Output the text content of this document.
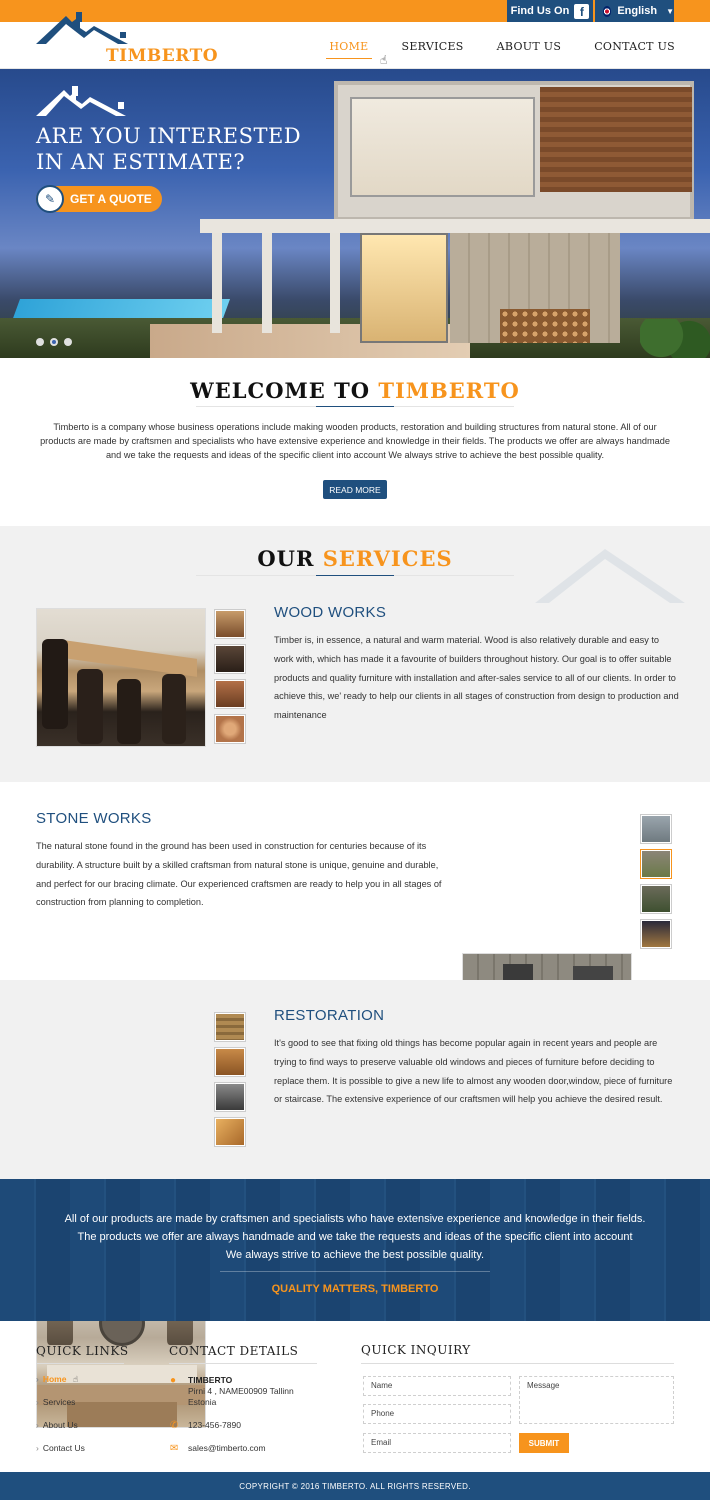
Find Us On f	English ▼
TIMBERTO	HOME	SERVICES	ABOUT US	CONTACT US
☝
ARE YOU INTERESTED
IN AN ESTIMATE?
✎	GET A QUOTE
WELCOME TO TIMBERTO

Timberto is a company whose business operations include making wooden products, restoration and building structures from natural stone. All of our products are made by craftsmen and specialists who have extensive experience and knowledge in their fields. The products we offer are always handmade and we take the requests and ideas of the specific client into account We always strive to achieve the best possible quality.

READ MORE
OUR SERVICES
WOOD WORKS

Timber is, in essence, a natural and warm material. Wood is also relatively durable and easy to work with, which has made it a favourite of builders throughout history. Our goal is to offer suitable products and quality furniture with installation and after-sales service to all of our clients. In order to achieve this, we' ready to help our clients in all stages of construction from design to production and maintenance

STONE WORKS

The natural stone found in the ground has been used in construction for centuries because of its durability. A structure built by a skilled craftsman from natural stone is unique, genuine and durable, and perfect for our bracing climate. Our experienced craftsmen are ready to help you in all stages of construction from planning to completion.

RESTORATION

It's good to see that fixing old things has become popular again in recent years and people are trying to find ways to preserve valuable old windows and pieces of furniture before deciding to replace them. It is possible to give a new life to almost any wooden door,window, piece of furniture or staircase. The extensive experience of our craftsmen will help you achieve the desired result.

All of our products are made by craftsmen and specialists who have extensive experience and knowledge in their fields.
The products we offer are always handmade and we take the requests and ideas of the specific client into account
We always strive to achieve the best possible quality.
QUALITY MATTERS, TIMBERTO
QUICK LINKS
› Home ☝
› Services
› About Us
› Contact Us
CONTACT DETAILS
●	TIMBERTO
Pirni 4 , NAME00909 Tallinn
Estonia
✆ 123-456-7890
✉ sales@timberto.com
QUICK INQUIRY
Name	Message
Phone
Email	SUBMIT
COPYRIGHT © 2016 TIMBERTO. ALL RIGHTS RESERVED.
